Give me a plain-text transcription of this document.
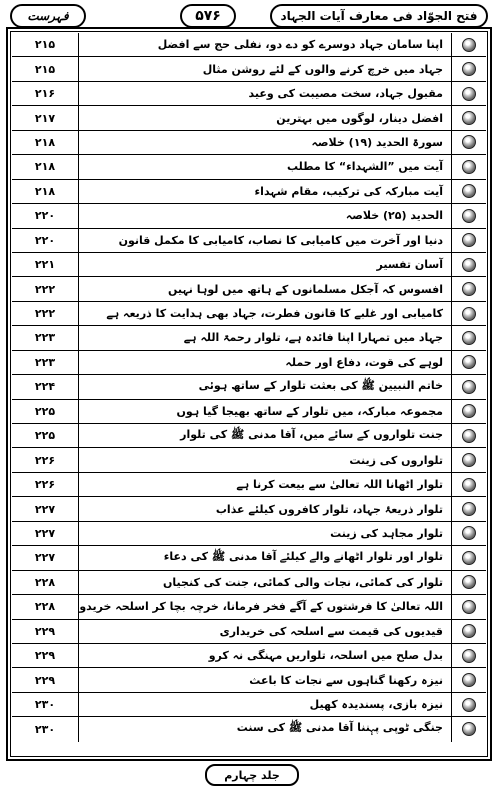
فہرست	۵۷۶	فتح الجوّاد فی معارف آیات الجہاد
۲۱۵	اپنا سامان جہاد دوسرے کو دے دو، نفلی حج سے افضل
۲۱۵	جہاد میں خرچ کرنے والوں کے لئے روشن مثال
۲۱۶	مقبول جہاد، سخت مصیبت کی وعید
۲۱۷	افضل دینار، لوگوں میں بہترین
۲۱۸	سورۃ الحدید (۱۹) خلاصہ
۲۱۸	آیت میں ”الشہداء“ کا مطلب
۲۱۸	آیت مبارکہ کی ترکیب، مقام شہداء
۲۲۰	الحدید (۲۵) خلاصہ
۲۲۰	دنیا اور آخرت میں کامیابی کا نصاب، کامیابی کا مکمل قانون
۲۲۱	آسان تفسیر
۲۲۲	افسوس کہ آجکل مسلمانوں کے ہاتھ میں لوہا نہیں
۲۲۲	کامیابی اور غلبے کا قانون فطرت، جہاد بھی ہدایت کا ذریعہ ہے
۲۲۳	جہاد میں تمہارا اپنا فائدہ ہے، تلوار رحمۃ اللہ ہے
۲۲۳	لوہے کی قوت، دفاع اور حملہ
۲۲۴	خاتم النبیین ﷺ کی بعثت تلوار کے ساتھ ہوئی
۲۲۵	مجموعہ مبارکہ، میں تلوار کے ساتھ بھیجا گیا ہوں
۲۲۵	جنت تلواروں کے سائے میں، آقا مدنی ﷺ کی تلوار
۲۲۶	تلواروں کی زینت
۲۲۶	تلوار اٹھانا اللہ تعالیٰ سے بیعت کرنا ہے
۲۲۷	تلوار ذریعۂ جہاد، تلوار کافروں کیلئے عذاب
۲۲۷	تلوار مجاہد کی زینت
۲۲۷	تلوار اور تلوار اٹھانے والے کیلئے آقا مدنی ﷺ کی دعاء
۲۲۸	تلوار کی کمائی، نجات والی کمائی، جنت کی کنجیاں
۲۲۸	اللہ تعالیٰ کا فرشتوں کے آگے فخر فرمانا، خرچہ بچا کر اسلحہ خریدو
۲۲۹	قیدیوں کی قیمت سے اسلحہ کی خریداری
۲۲۹	بدل صلح میں اسلحہ، تلواریں مہنگی نہ کرو
۲۲۹	نیزہ رکھنا گناہوں سے نجات کا باعث
۲۳۰	نیزہ بازی، پسندیدہ کھیل
۲۳۰	جنگی ٹوپی پہننا آقا مدنی ﷺ کی سنت
جلد چہارم
